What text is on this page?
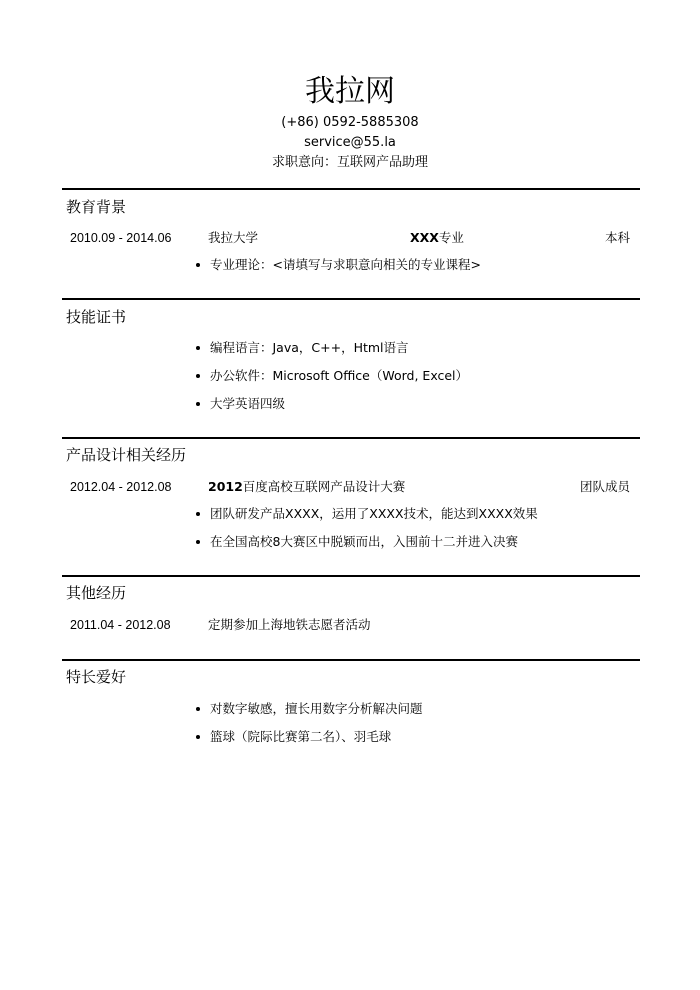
我拉网
(+86) 0592-5885308
service@55.la
求职意向：互联网产品助理
教育背景
2010.09 - 2014.06	我拉大学	XXX专业	本科
专业理论：<请填写与求职意向相关的专业课程>
技能证书
编程语言：Java，C++，Html语言
办公软件：Microsoft Office（Word, Excel）
大学英语四级
产品设计相关经历
2012.04 - 2012.08	2012百度高校互联网产品设计大赛	团队成员
团队研发产品XXXX，运用了XXXX技术，能达到XXXX效果
在全国高校8大赛区中脱颖而出，入围前十二并进入决赛
其他经历
2011.04 - 2012.08	定期参加上海地铁志愿者活动
特长爱好
对数字敏感，擅长用数字分析解决问题
篮球（院际比赛第二名）、羽毛球
